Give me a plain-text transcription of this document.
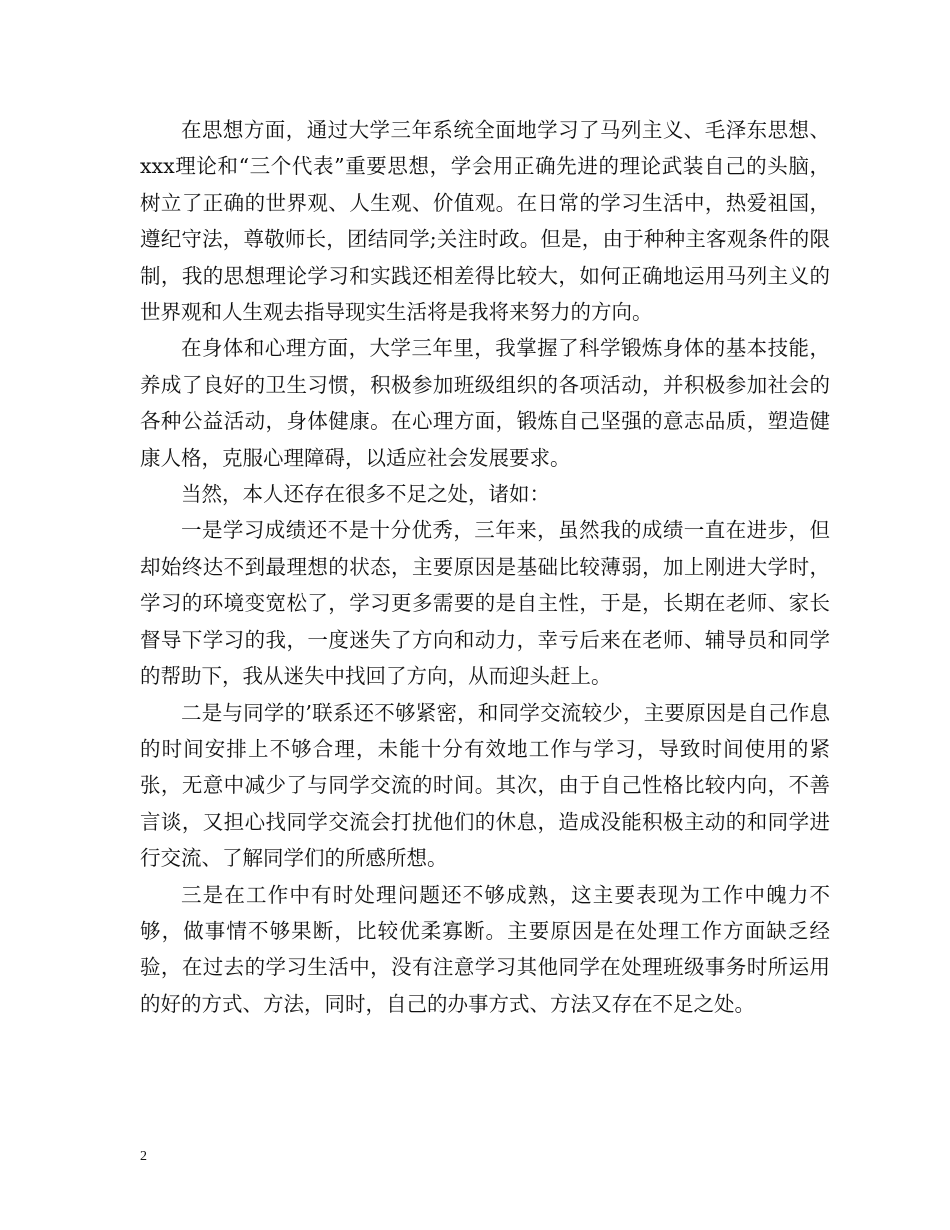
在思想方面，通过大学三年系统全面地学习了马列主义、毛泽东思想、xxx理论和“三个代表”重要思想，学会用正确先进的理论武装自己的头脑，树立了正确的世界观、人生观、价值观。在日常的学习生活中，热爱祖国，遵纪守法，尊敬师长，团结同学;关注时政。但是，由于种种主客观条件的限制，我的思想理论学习和实践还相差得比较大，如何正确地运用马列主义的世界观和人生观去指导现实生活将是我将来努力的方向。

在身体和心理方面，大学三年里，我掌握了科学锻炼身体的基本技能，养成了良好的卫生习惯，积极参加班级组织的各项活动，并积极参加社会的各种公益活动，身体健康。在心理方面，锻炼自己坚强的意志品质，塑造健康人格，克服心理障碍，以适应社会发展要求。

当然，本人还存在很多不足之处，诸如：

一是学习成绩还不是十分优秀，三年来，虽然我的成绩一直在进步，但却始终达不到最理想的状态，主要原因是基础比较薄弱，加上刚进大学时，学习的环境变宽松了，学习更多需要的是自主性，于是，长期在老师、家长督导下学习的我，一度迷失了方向和动力，幸亏后来在老师、辅导员和同学的帮助下，我从迷失中找回了方向，从而迎头赶上。

二是与同学的’联系还不够紧密，和同学交流较少，主要原因是自己作息的时间安排上不够合理，未能十分有效地工作与学习，导致时间使用的紧张，无意中减少了与同学交流的时间。其次，由于自己性格比较内向，不善言谈，又担心找同学交流会打扰他们的休息，造成没能积极主动的和同学进行交流、了解同学们的所感所想。

三是在工作中有时处理问题还不够成熟，这主要表现为工作中魄力不够，做事情不够果断，比较优柔寡断。主要原因是在处理工作方面缺乏经验，在过去的学习生活中，没有注意学习其他同学在处理班级事务时所运用的好的方式、方法，同时，自己的办事方式、方法又存在不足之处。

2
